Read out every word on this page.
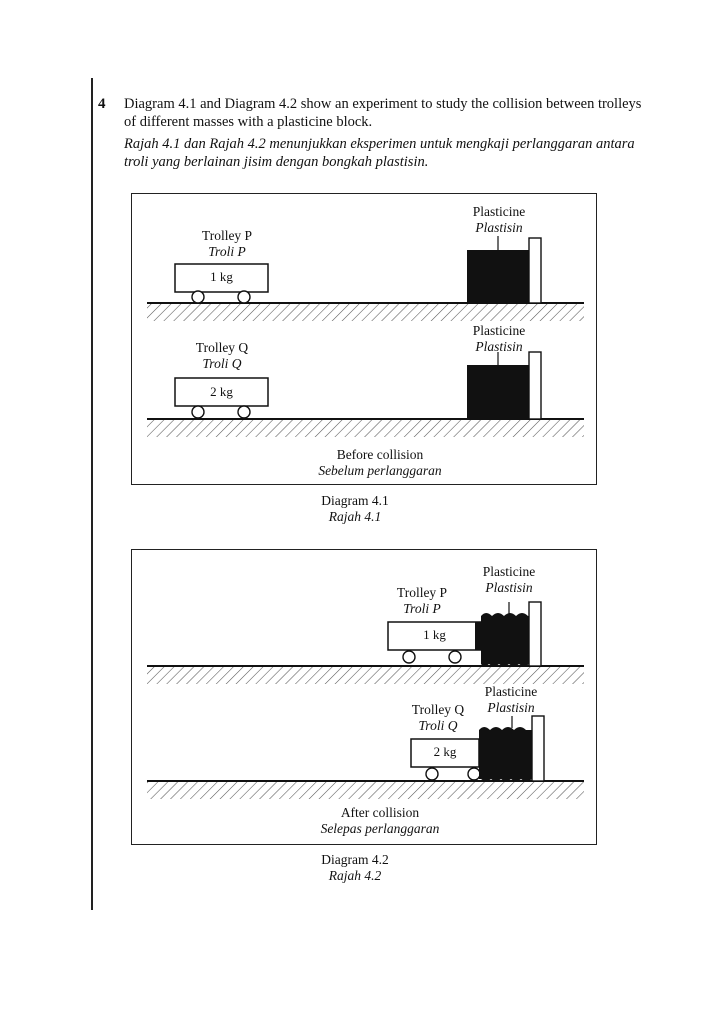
4 Diagram 4.1 and Diagram 4.2 show an experiment to study the collision between trolleys of different masses with a plasticine block.

Rajah 4.1 dan Rajah 4.2 menunjukkan eksperimen untuk mengkaji perlanggaran antara troli yang berlainan jisim dengan bongkah plastisin.

Trolley P
Troli P
1 kg
Plasticine
Plastisin
Trolley Q
Troli Q
2 kg
Plasticine
Plastisin
Before collision
Sebelum perlanggaran
Diagram 4.1
Rajah 4.1
Plasticine
Plastisin
Trolley P
Troli P
1 kg
Plasticine
Plastisin
Trolley Q
Troli Q
2 kg
After collision
Selepas perlanggaran
Diagram 4.2
Rajah 4.2
